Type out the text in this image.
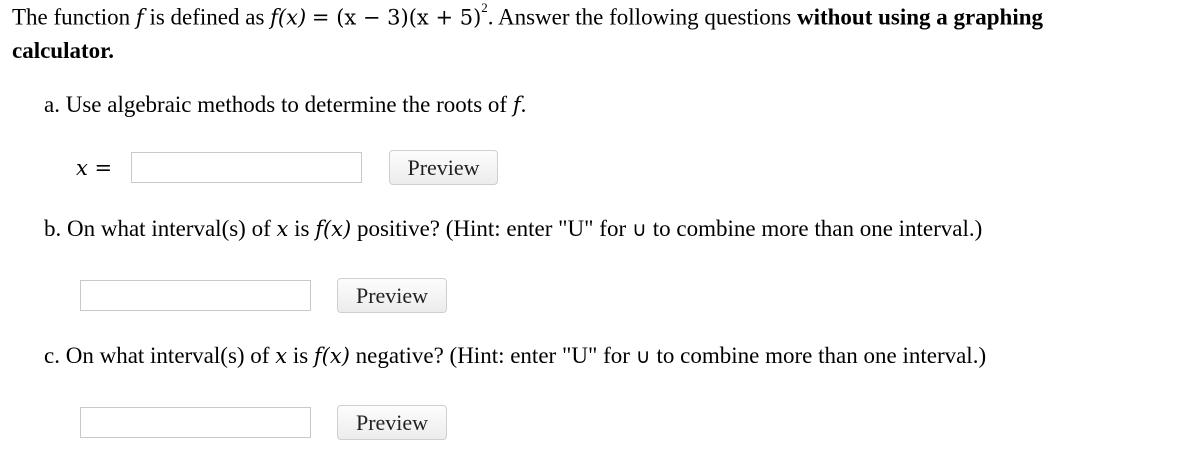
The function f is defined as $f(x) = (x - 3)(x + 5)^2$. Answer the following questions without using a graphing
calculator.
a. Use algebraic methods to determine the roots of f.
x =	Preview
b. On what interval(s) of x is f(x) positive? (Hint: enter "U" for ∪ to combine more than one interval.)
Preview
c. On what interval(s) of x is f(x) negative? (Hint: enter "U" for ∪ to combine more than one interval.)
Preview
